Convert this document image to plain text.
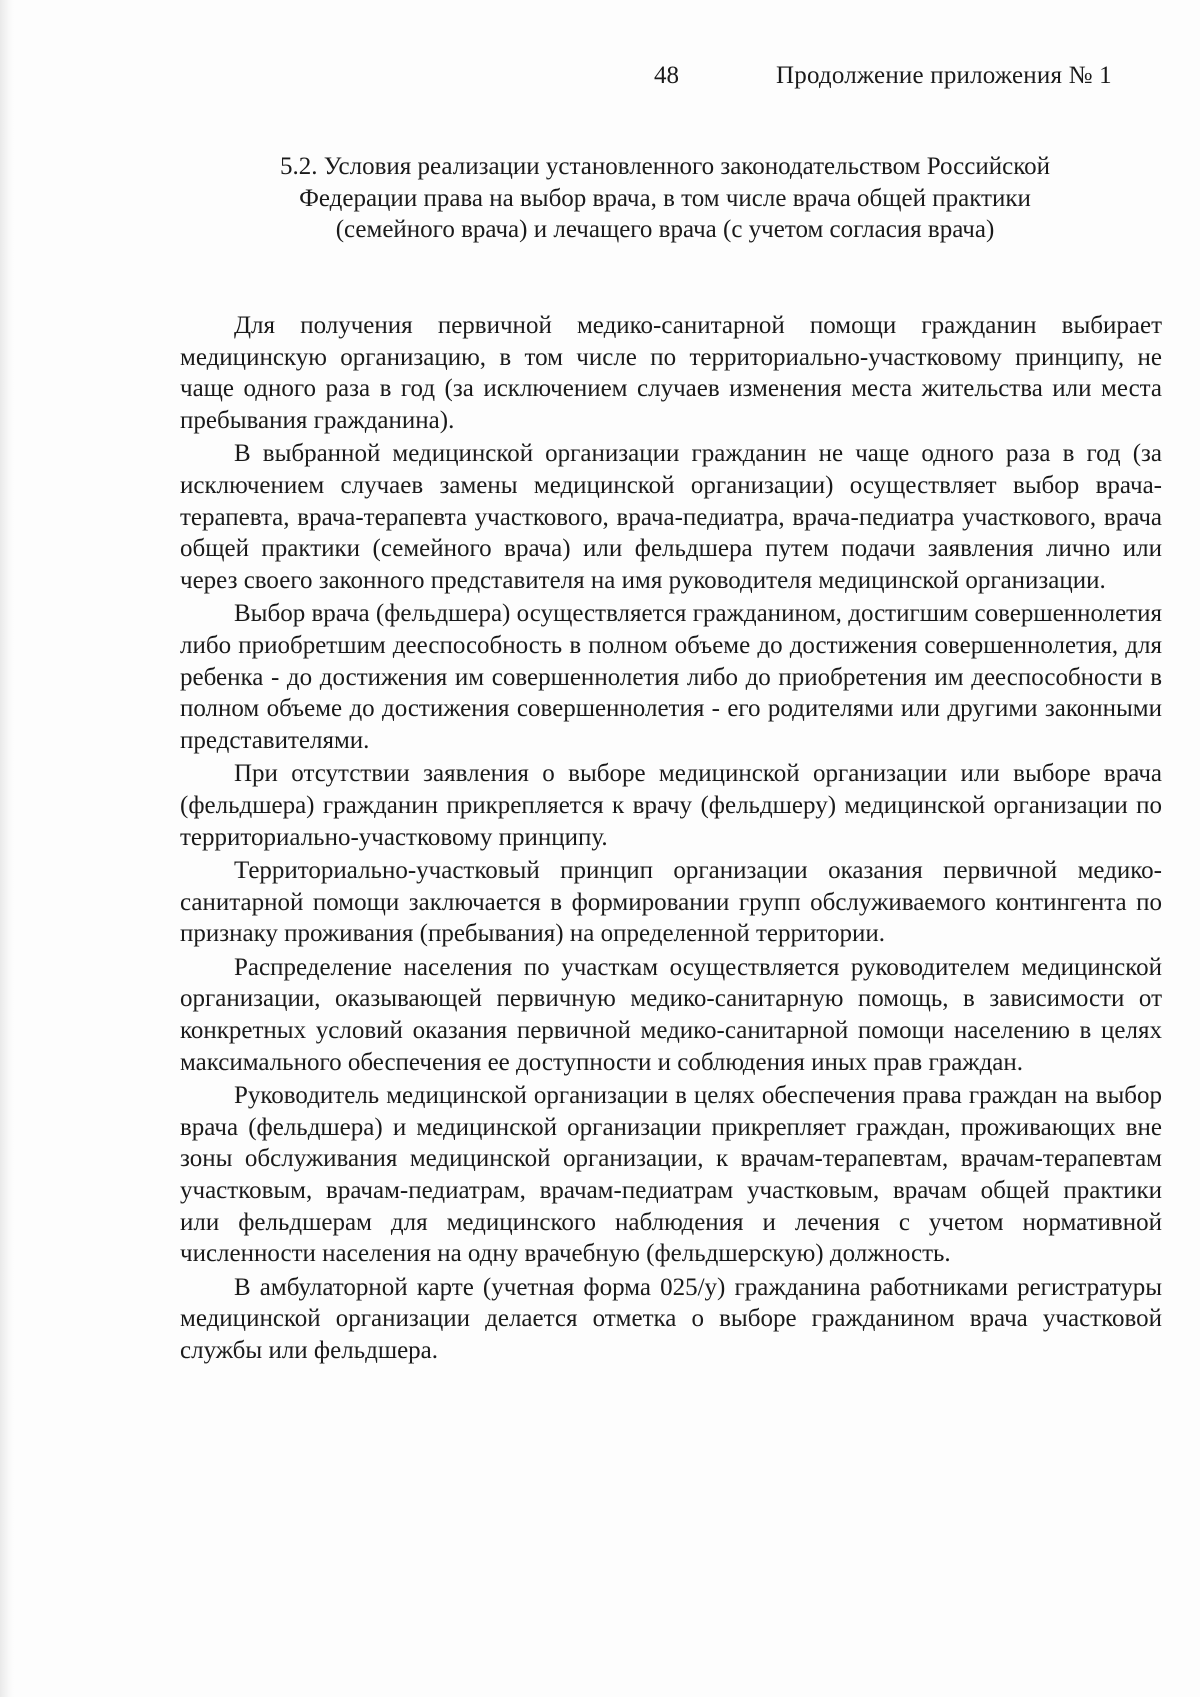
48	Продолжение приложения № 1
5.2. Условия реализации установленного законодательством Российской Федерации права на выбор врача, в том числе врача общей практики (семейного врача) и лечащего врача (с учетом согласия врача)

Для получения первичной медико-санитарной помощи гражданин выбирает медицинскую организацию, в том числе по территориально-участковому принципу, не чаще одного раза в год (за исключением случаев изменения места жительства или места пребывания гражданина).

В выбранной медицинской организации гражданин не чаще одного раза в год (за исключением случаев замены медицинской организации) осуществляет выбор врача-терапевта, врача-терапевта участкового, врача-педиатра, врача-педиатра участкового, врача общей практики (семейного врача) или фельдшера путем подачи заявления лично или через своего законного представителя на имя руководителя медицинской организации.

Выбор врача (фельдшера) осуществляется гражданином, достигшим совершеннолетия либо приобретшим дееспособность в полном объеме до достижения совершеннолетия, для ребенка - до достижения им совершеннолетия либо до приобретения им дееспособности в полном объеме до достижения совершеннолетия - его родителями или другими законными представителями.

При отсутствии заявления о выборе медицинской организации или выборе врача (фельдшера) гражданин прикрепляется к врачу (фельдшеру) медицинской организации по территориально-участковому принципу.

Территориально-участковый принцип организации оказания первичной медико-санитарной помощи заключается в формировании групп обслуживаемого контингента по признаку проживания (пребывания) на определенной территории.

Распределение населения по участкам осуществляется руководителем медицинской организации, оказывающей первичную медико-санитарную помощь, в зависимости от конкретных условий оказания первичной медико-санитарной помощи населению в целях максимального обеспечения ее доступности и соблюдения иных прав граждан.

Руководитель медицинской организации в целях обеспечения права граждан на выбор врача (фельдшера) и медицинской организации прикрепляет граждан, проживающих вне зоны обслуживания медицинской организации, к врачам-терапевтам, врачам-терапевтам участковым, врачам-педиатрам, врачам-педиатрам участковым, врачам общей практики или фельдшерам для медицинского наблюдения и лечения с учетом нормативной численности населения на одну врачебную (фельдшерскую) должность.

В амбулаторной карте (учетная форма 025/у) гражданина работниками регистратуры медицинской организации делается отметка о выборе гражданином врача участковой службы или фельдшера.
